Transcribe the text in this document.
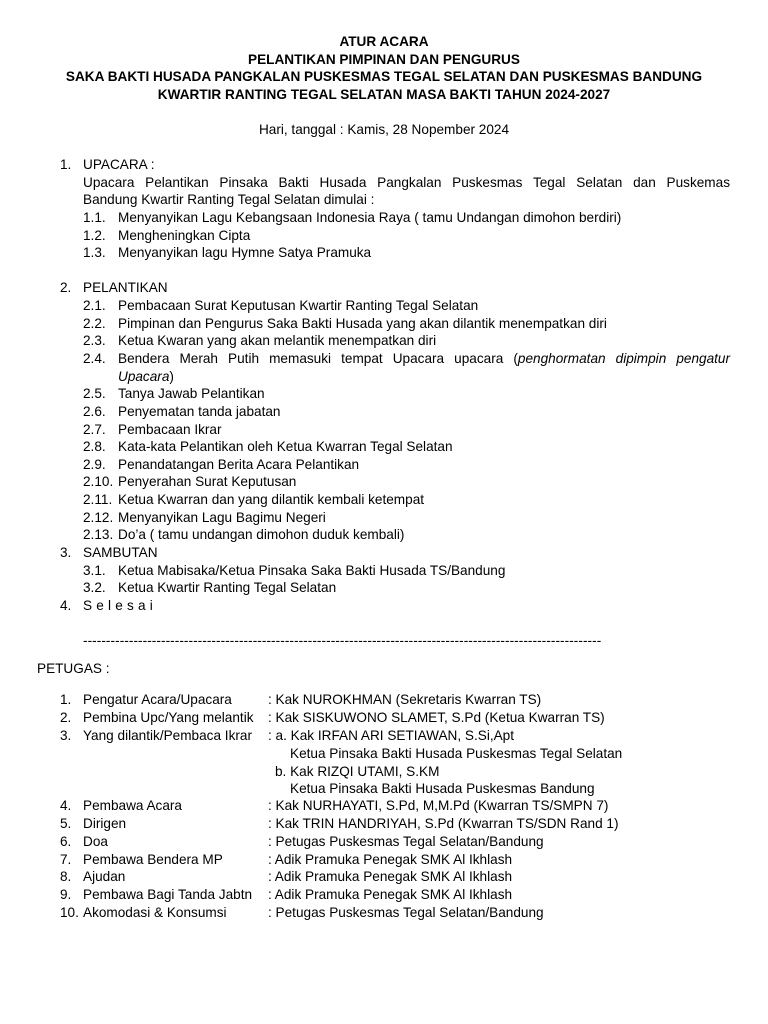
ATUR ACARA
PELANTIKAN PIMPINAN DAN PENGURUS
SAKA BAKTI HUSADA PANGKALAN PUSKESMAS TEGAL SELATAN DAN PUSKESMAS BANDUNG
KWARTIR RANTING TEGAL SELATAN MASA BAKTI TAHUN 2024-2027
Hari, tanggal : Kamis, 28 Nopember 2024
1. UPACARA :
Upacara Pelantikan Pinsaka Bakti Husada Pangkalan Puskesmas Tegal Selatan dan Puskemas
Bandung Kwartir Ranting Tegal Selatan dimulai :
1.1. Menyanyikan Lagu Kebangsaan Indonesia Raya ( tamu Undangan dimohon berdiri)
1.2. Mengheningkan Cipta
1.3. Menyanyikan lagu Hymne Satya Pramuka
2. PELANTIKAN
2.1. Pembacaan Surat Keputusan Kwartir Ranting Tegal Selatan
2.2. Pimpinan dan Pengurus Saka Bakti Husada yang akan dilantik menempatkan diri
2.3. Ketua Kwaran yang akan melantik menempatkan diri
2.4. Bendera Merah Putih memasuki tempat Upacara upacara (penghormatan dipimpin pengatur
Upacara)
2.5. Tanya Jawab Pelantikan
2.6. Penyematan tanda jabatan
2.7. Pembacaan Ikrar
2.8. Kata-kata Pelantikan oleh Ketua Kwarran Tegal Selatan
2.9. Penandatangan Berita Acara Pelantikan
2.10. Penyerahan Surat Keputusan
2.11. Ketua Kwarran dan yang dilantik kembali ketempat
2.12. Menyanyikan Lagu Bagimu Negeri
2.13. Do’a ( tamu undangan dimohon duduk kembali)
3. SAMBUTAN
3.1. Ketua Mabisaka/Ketua Pinsaka Saka Bakti Husada TS/Bandung
3.2. Ketua Kwartir Ranting Tegal Selatan
4. Selesai
-----------------------------------------------------------------------------------------------------------------
PETUGAS :
1. Pengatur Acara/Upacara	: Kak NUROKHMAN (Sekretaris Kwarran TS)
2. Pembina Upc/Yang melantik : Kak SISKUWONO SLAMET, S.Pd (Ketua Kwarran TS)
3. Yang dilantik/Pembaca Ikrar : a. Kak IRFAN ARI SETIAWAN, S.Si,Apt
Ketua Pinsaka Bakti Husada Puskesmas Tegal Selatan
b. Kak RIZQI UTAMI, S.KM
Ketua Pinsaka Bakti Husada Puskesmas Bandung
4. Pembawa Acara	: Kak NURHAYATI, S.Pd, M,M.Pd (Kwarran TS/SMPN 7)
5. Dirigen	: Kak TRIN HANDRIYAH, S.Pd (Kwarran TS/SDN Rand 1)
6. Doa	: Petugas Puskesmas Tegal Selatan/Bandung
7. Pembawa Bendera MP	: Adik Pramuka Penegak SMK Al Ikhlash
8. Ajudan	: Adik Pramuka Penegak SMK Al Ikhlash
9. Pembawa Bagi Tanda Jabtn : Adik Pramuka Penegak SMK Al Ikhlash
10. Akomodasi & Konsumsi	: Petugas Puskesmas Tegal Selatan/Bandung
